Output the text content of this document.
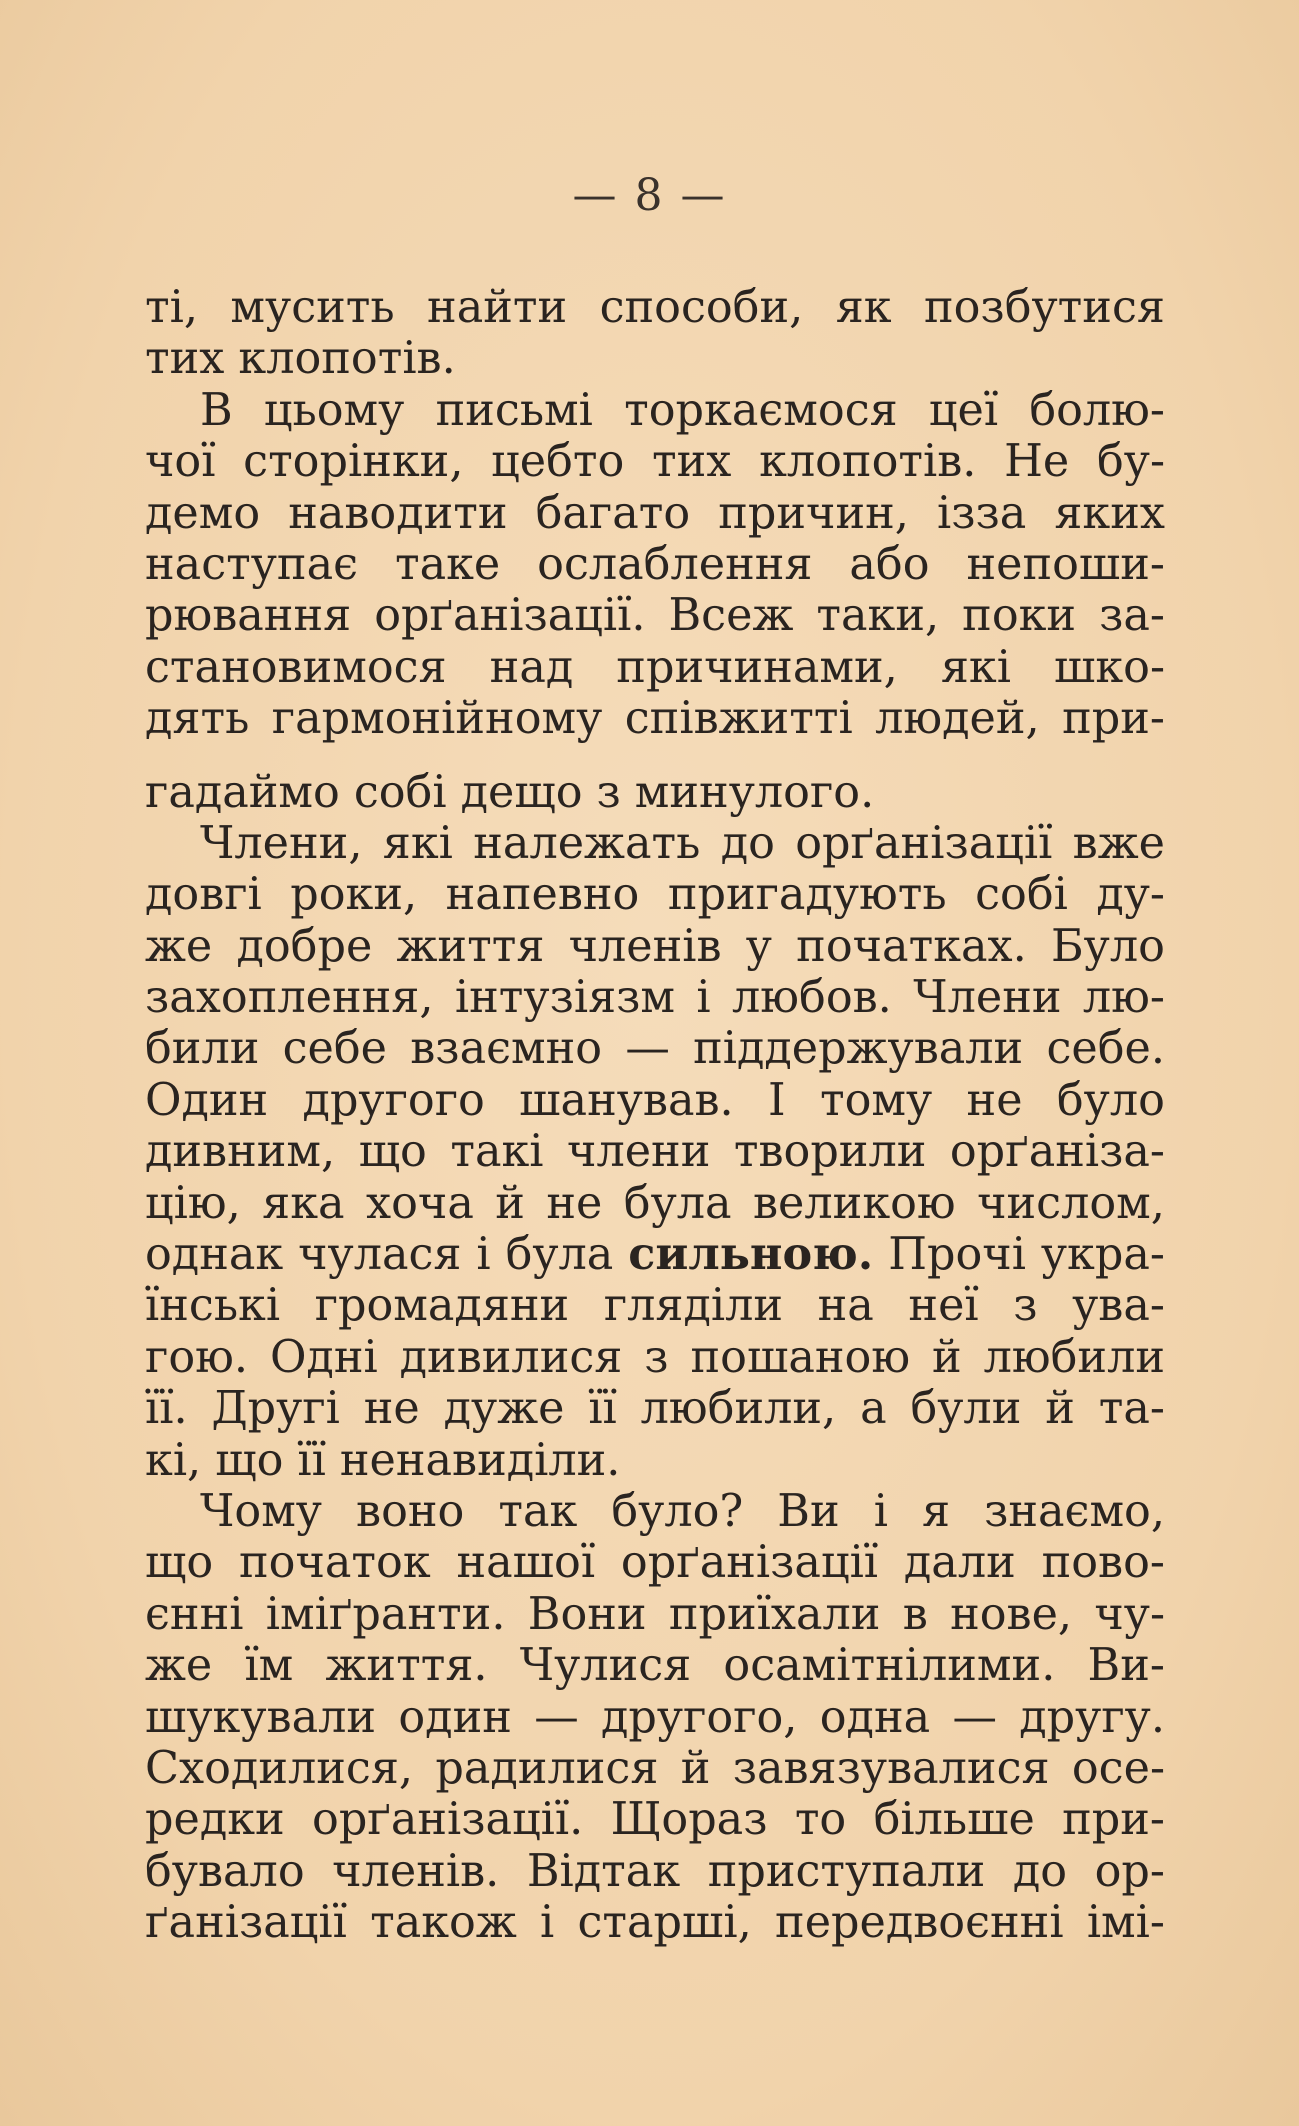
— 8 —
ті, мусить найти способи, як позбутися
тих клопотів.
В цьому письмі торкаємося цеї болю-
чої сторінки, цебто тих клопотів. Не бу-
демо наводити багато причин, ізза яких
наступає таке ослаблення або непоши-
рювання орґанізації. Всеж таки, поки за-
становимося над причинами, які шко-
дять гармонійному співжитті людей, при-
гадаймо собі дещо з минулого.
Члени, які належать до орґанізації вже
довгі роки, напевно пригадують собі ду-
же добре життя членів у початках. Було
захоплення, інтузіязм і любов. Члени лю-
били себе взаємно — піддержували себе.
Один другого шанував. І тому не було
дивним, що такі члени творили орґаніза-
цію, яка хоча й не була великою числом,
однак чулася і була сильною. Прочі укра-
їнські громадяни гляділи на неї з ува-
гою. Одні дивилися з пошаною й любили
її. Другі не дуже її любили, а були й та-
кі, що її ненавиділи.
Чому воно так було? Ви і я знаємо,
що початок нашої орґанізації дали пово-
єнні іміґранти. Вони приїхали в нове, чу-
же їм життя. Чулися осамітнілими. Ви-
шукували один — другого, одна — другу.
Сходилися, радилися й завязувалися осе-
редки орґанізації. Щораз то більше при-
бувало членів. Відтак приступали до ор-
ґанізації також і старші, передвоєнні імі-
